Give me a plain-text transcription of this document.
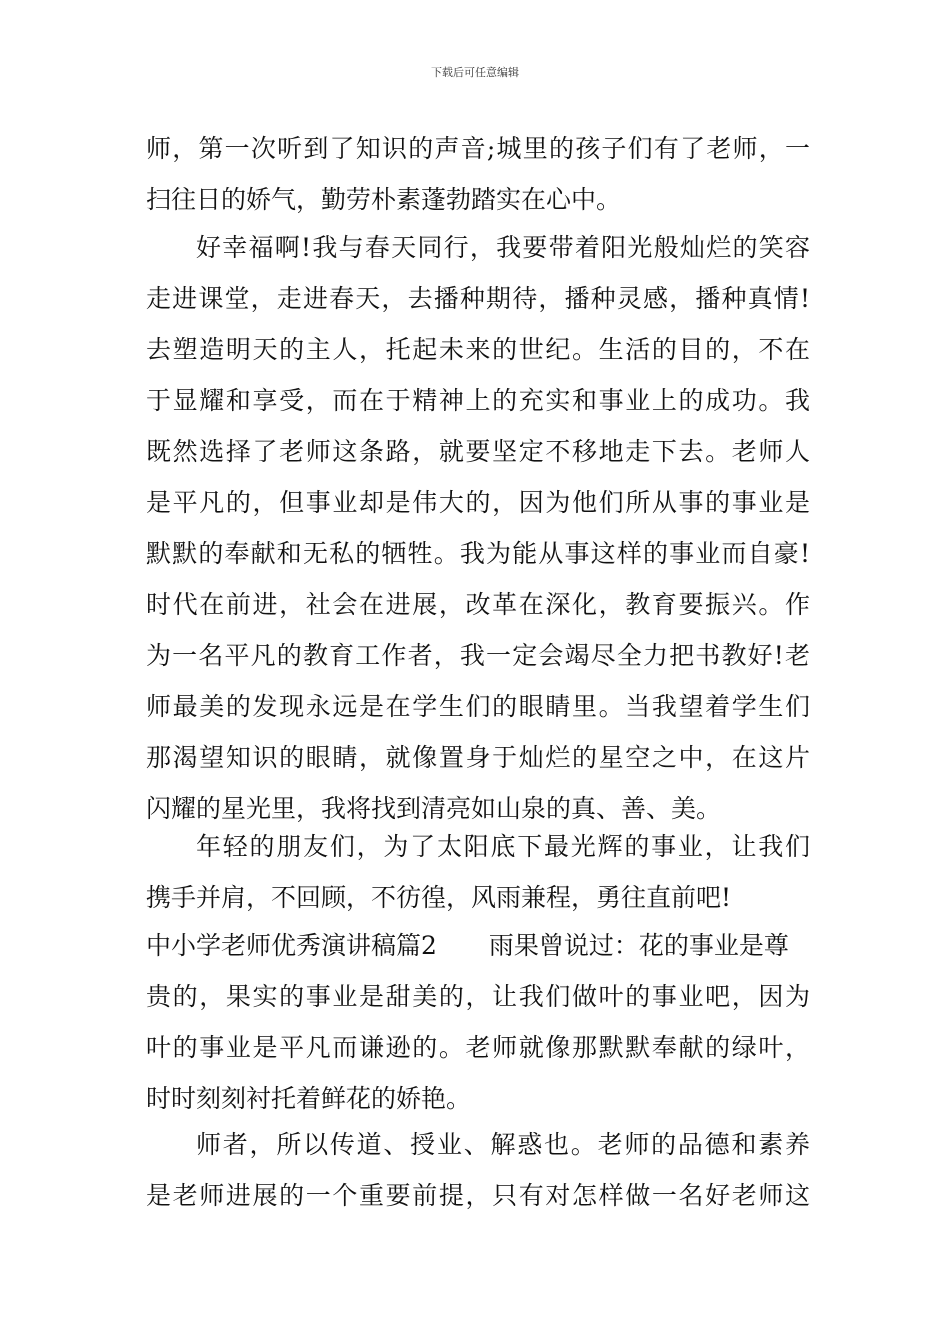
下载后可任意编辑
师，第一次听到了知识的声音;城里的孩子们有了老师，一
扫往日的娇气，勤劳朴素蓬勃踏实在心中。
好幸福啊!我与春天同行，我要带着阳光般灿烂的笑容
走进课堂，走进春天，去播种期待，播种灵感，播种真情!
去塑造明天的主人，托起未来的世纪。生活的目的，不在
于显耀和享受，而在于精神上的充实和事业上的成功。我
既然选择了老师这条路，就要坚定不移地走下去。老师人
是平凡的，但事业却是伟大的，因为他们所从事的事业是
默默的奉献和无私的牺牲。我为能从事这样的事业而自豪!
时代在前进，社会在进展，改革在深化，教育要振兴。作
为一名平凡的教育工作者，我一定会竭尽全力把书教好!老
师最美的发现永远是在学生们的眼睛里。当我望着学生们
那渴望知识的眼睛，就像置身于灿烂的星空之中，在这片
闪耀的星光里，我将找到清亮如山泉的真、善、美。
年轻的朋友们，为了太阳底下最光辉的事业，让我们
携手并肩，不回顾，不彷徨，风雨兼程，勇往直前吧!
中小学老师优秀演讲稿篇2 雨果曾说过：花的事业是尊
贵的，果实的事业是甜美的，让我们做叶的事业吧，因为
叶的事业是平凡而谦逊的。老师就像那默默奉献的绿叶，
时时刻刻衬托着鲜花的娇艳。
师者，所以传道、授业、解惑也。老师的品德和素养
是老师进展的一个重要前提，只有对怎样做一名好老师这
